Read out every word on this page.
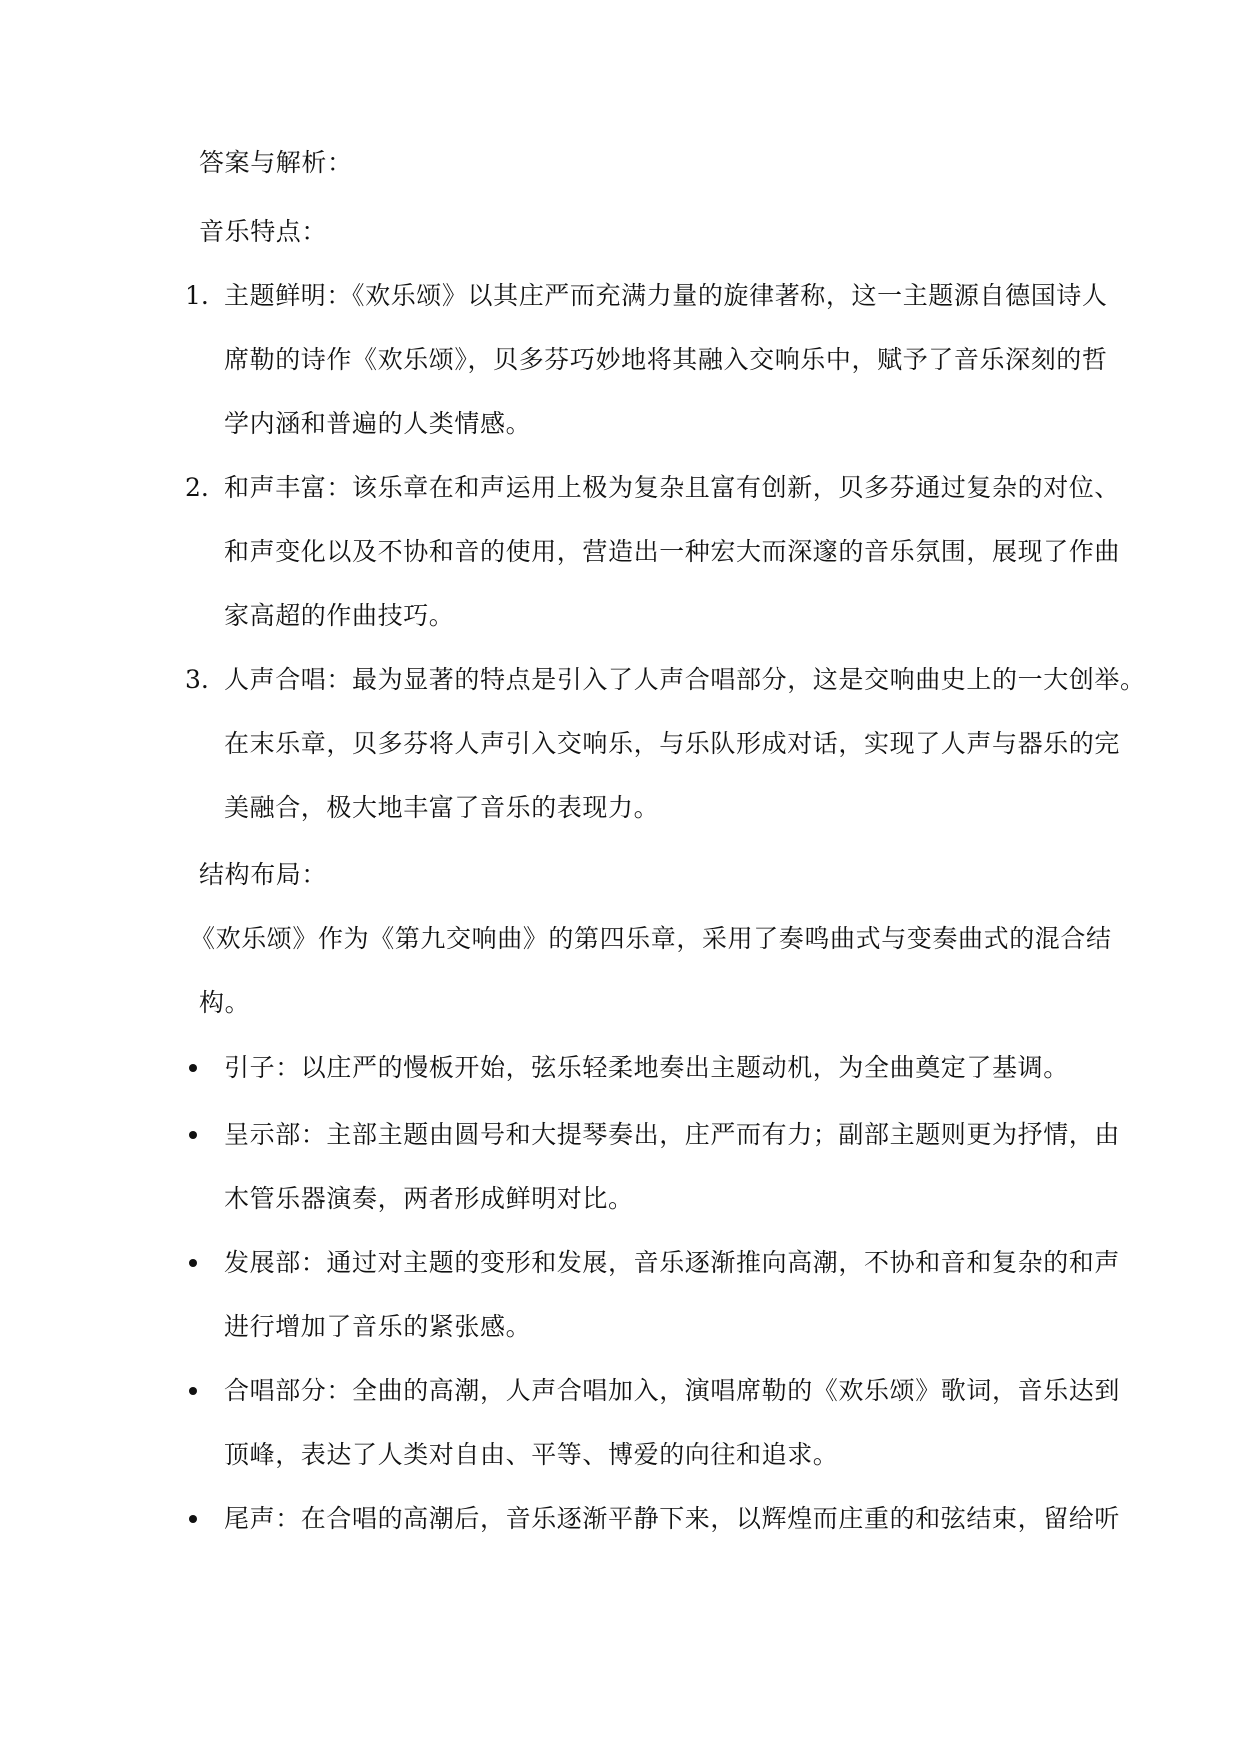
答案与解析：
音乐特点：
1. 主题鲜明：《欢乐颂》以其庄严而充满力量的旋律著称，这一主题源自德国诗人
席勒的诗作《欢乐颂》，贝多芬巧妙地将其融入交响乐中，赋予了音乐深刻的哲
学内涵和普遍的人类情感。
2. 和声丰富：该乐章在和声运用上极为复杂且富有创新，贝多芬通过复杂的对位、
和声变化以及不协和音的使用，营造出一种宏大而深邃的音乐氛围，展现了作曲
家高超的作曲技巧。
3. 人声合唱：最为显著的特点是引入了人声合唱部分，这是交响曲史上的一大创举。
在末乐章，贝多芬将人声引入交响乐，与乐队形成对话，实现了人声与器乐的完
美融合，极大地丰富了音乐的表现力。
结构布局：
《欢乐颂》作为《第九交响曲》的第四乐章，采用了奏鸣曲式与变奏曲式的混合结
构。
引子：以庄严的慢板开始，弦乐轻柔地奏出主题动机，为全曲奠定了基调。
呈示部：主部主题由圆号和大提琴奏出，庄严而有力；副部主题则更为抒情，由
木管乐器演奏，两者形成鲜明对比。
发展部：通过对主题的变形和发展，音乐逐渐推向高潮，不协和音和复杂的和声
进行增加了音乐的紧张感。
合唱部分：全曲的高潮，人声合唱加入，演唱席勒的《欢乐颂》歌词，音乐达到
顶峰，表达了人类对自由、平等、博爱的向往和追求。
尾声：在合唱的高潮后，音乐逐渐平静下来，以辉煌而庄重的和弦结束，留给听
